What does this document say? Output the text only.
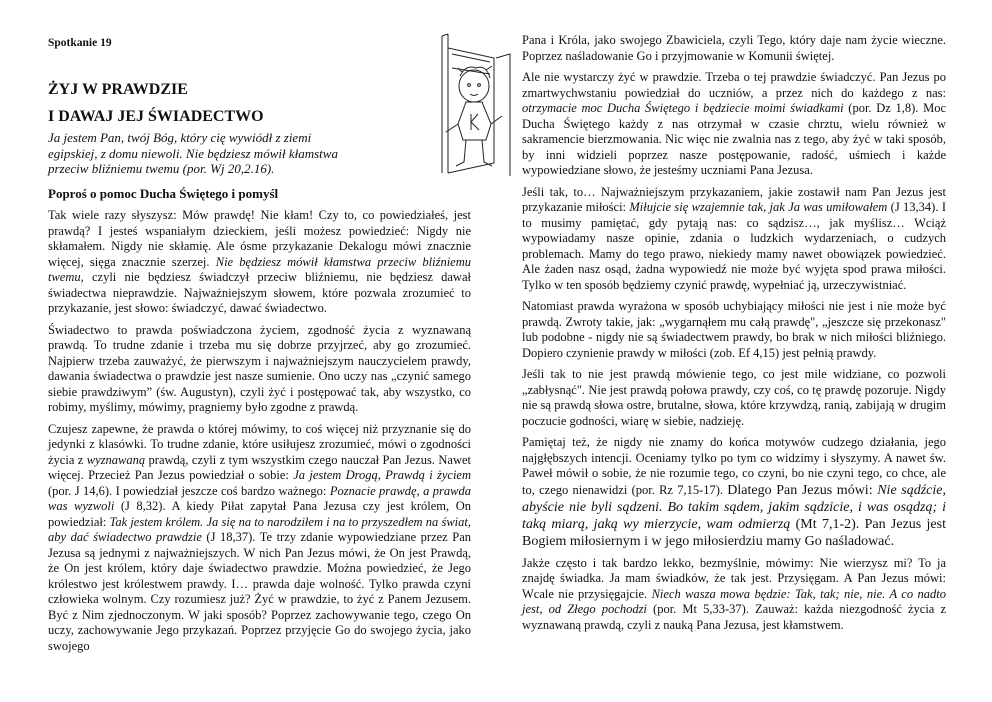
Spotkanie 19
ŻYJ W PRAWDZIE
I DAWAJ JEJ ŚWIADECTWO
Ja jestem Pan, twój Bóg, który cię wywiódł z ziemi egipskiej, z domu niewoli. Nie będziesz mówił kłamstwa przeciw bliźniemu twemu (por. Wj 20,2.16).
Poproś o pomoc Ducha Świętego i pomyśl

Tak wiele razy słyszysz: Mów prawdę! Nie kłam! Czy to, co powiedziałeś, jest prawdą? I jesteś wspaniałym dzieckiem, jeśli możesz powiedzieć: Nigdy nie skłamałem. Nigdy nie skłamię. Ale ósme przykazanie Dekalogu mówi znacznie więcej, sięga znacznie szerzej. Nie będziesz mówił kłamstwa przeciw bliźniemu twemu, czyli nie będziesz świadczył przeciw bliźniemu, nie będziesz dawał świadectwa nieprawdzie. Najważniejszym słowem, które pozwala zrozumieć to przykazanie, jest słowo: świadczyć, dawać świadectwo.

Świadectwo to prawda poświadczona życiem, zgodność życia z wyznawaną prawdą. To trudne zdanie i trzeba mu się dobrze przyjrzeć, aby go zrozumieć. Najpierw trzeba zauważyć, że pierwszym i najważniejszym nauczycielem prawdy, dawania świadectwa o prawdzie jest nasze sumienie. Ono uczy nas „czynić samego siebie prawdziwym” (św. Augustyn), czyli żyć i postępować tak, aby wszystko, co robimy, myślimy, mówimy, pragniemy było zgodne z prawdą.

Czujesz zapewne, że prawda o której mówimy, to coś więcej niż przyznanie się do jedynki z klasówki. To trudne zdanie, które usiłujesz zrozumieć, mówi o zgodności życia z wyznawaną prawdą, czyli z tym wszystkim czego nauczał Pan Jezus. Nawet więcej. Przecież Pan Jezus powiedział o sobie: Ja jestem Drogą, Prawdą i życiem (por. J 14,6). I powiedział jeszcze coś bardzo ważnego: Poznacie prawdę, a prawda was wyzwoli (J 8,32). A kiedy Piłat zapytał Pana Jezusa czy jest królem, On powiedział: Tak jestem królem. Ja się na to narodziłem i na to przyszedłem na świat, aby dać świadectwo prawdzie (J 18,37). Te trzy zdanie wypowiedziane przez Pan Jezusa są jednymi z najważniejszych. W nich Pan Jezus mówi, że On jest Prawdą, że On jest królem, który daje świadectwo prawdzie. Można powiedzieć, że Jego królestwo jest królestwem prawdy. I… prawda daje wolność. Tylko prawda czyni człowieka wolnym. Czy rozumiesz już? Żyć w prawdzie, to żyć z Panem Jezusem. Być z Nim zjednoczonym. W jaki sposób? Poprzez zachowywanie tego, czego On uczy, zachowywanie Jego przykazań. Poprzez przyjęcie Go do swojego życia, jako swojego

Pana i Króla, jako swojego Zbawiciela, czyli Tego, który daje nam życie wieczne. Poprzez naśladowanie Go i przyjmowanie w Komunii świętej.

Ale nie wystarczy żyć w prawdzie. Trzeba o tej prawdzie świadczyć. Pan Jezus po zmartwychwstaniu powiedział do uczniów, a przez nich do każdego z nas: otrzymacie moc Ducha Świętego i będziecie moimi świadkami (por. Dz 1,8). Moc Ducha Świętego każdy z nas otrzymał w czasie chrztu, wielu również w sakramencie bierzmowania. Nic więc nie zwalnia nas z tego, aby żyć w taki sposób, by inni widzieli poprzez nasze postępowanie, radość, uśmiech i każde wypowiedziane słowo, że jesteśmy uczniami Pana Jezusa.

Jeśli tak, to… Najważniejszym przykazaniem, jakie zostawił nam Pan Jezus jest przykazanie miłości: Miłujcie się wzajemnie tak, jak Ja was umiłowałem (J 13,34). I to musimy pamiętać, gdy pytają nas: co sądzisz…, jak myślisz… Wciąż wypowiadamy nasze opinie, zdania o ludzkich wydarzeniach, o cudzych problemach. Mamy do tego prawo, niekiedy mamy nawet obowiązek powiedzieć. Ale żaden nasz osąd, żadna wypowiedź nie może być wyjęta spod prawa miłości. Tylko w ten sposób będziemy czynić prawdę, wypełniać ją, urzeczywistniać.

Natomiast prawda wyrażona w sposób uchybiający miłości nie jest i nie może być prawdą. Zwroty takie, jak: „wygarnąłem mu całą prawdę", „jeszcze się przekonasz" lub podobne - nigdy nie są świadectwem prawdy, bo brak w nich miłości bliźniego. Dopiero czynienie prawdy w miłości (zob. Ef 4,15) jest pełnią prawdy.

Jeśli tak to nie jest prawdą mówienie tego, co jest mile widziane, co pozwoli „zabłysnąć". Nie jest prawdą połowa prawdy, czy coś, co tę prawdę pozoruje. Nigdy nie są prawdą słowa ostre, brutalne, słowa, które krzywdzą, ranią, zabijają w drugim poczucie godności, wiarę w siebie, nadzieję.

Pamiętaj też, że nigdy nie znamy do końca motywów cudzego działania, jego najgłębszych intencji. Oceniamy tylko po tym co widzimy i słyszymy. A nawet św. Paweł mówił o sobie, że nie rozumie tego, co czyni, bo nie czyni tego, co chce, ale to, czego nienawidzi (por. Rz 7,15-17). Dlatego Pan Jezus mówi: Nie sądźcie, abyście nie byli sądzeni. Bo takim sądem, jakim sądzicie, i was osądzą; i taką miarą, jaką wy mierzycie, wam odmierzą (Mt 7,1-2). Pan Jezus jest Bogiem miłosiernym i w jego miłosierdziu mamy Go naśladować.

Jakże często i tak bardzo lekko, bezmyślnie, mówimy: Nie wierzysz mi? To ja znajdę świadka. Ja mam świadków, że tak jest. Przysięgam. A Pan Jezus mówi: Wcale nie przysięgajcie. Niech wasza mowa będzie: Tak, tak; nie, nie. A co nadto jest, od Złego pochodzi (por. Mt 5,33-37). Zauważ: każda niezgodność życia z wyznawaną prawdą, czyli z nauką Pana Jezusa, jest kłamstwem.
